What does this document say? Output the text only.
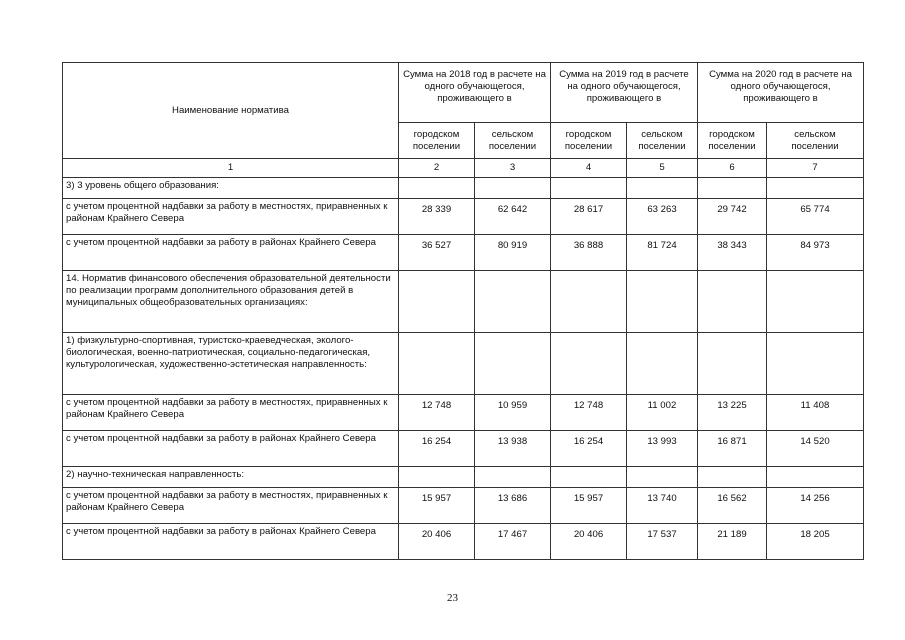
Наименование норматива	Сумма на 2018 год в расчете на одного обучающегося, проживающего в		Сумма на 2019 год в расчете на одного обучающегося, проживающего в		Сумма на 2020 год в расчете на одного обучающегося, проживающего в	
	городском поселении	сельском поселении	городском поселении	сельском поселении	городском поселении	сельском поселении
1	2	3	4	5	6	7
3) 3 уровень общего образования:						
с учетом процентной надбавки за работу в местностях, приравненных к районам Крайнего Севера	28 339	62 642	28 617	63 263	29 742	65 774
с учетом процентной надбавки за работу в районах Крайнего Севера	36 527	80 919	36 888	81 724	38 343	84 973
14. Норматив финансового обеспечения образовательной деятельности по реализации программ дополнительного образования детей в муниципальных общеобразовательных организациях:						
1) физкультурно-спортивная, туристско-краеведческая, эколого-биологическая, военно-патриотическая, социально-педагогическая, культурологическая, художественно-эстетическая направленность:						
с учетом процентной надбавки за работу в местностях, приравненных к районам Крайнего Севера	12 748	10 959	12 748	11 002	13 225	11 408
с учетом процентной надбавки за работу в районах Крайнего Севера	16 254	13 938	16 254	13 993	16 871	14 520
2) научно-техническая направленность:						
с учетом процентной надбавки за работу в местностях, приравненных к районам Крайнего Севера	15 957	13 686	15 957	13 740	16 562	14 256
с учетом процентной надбавки за работу в районах Крайнего Севера	20 406	17 467	20 406	17 537	21 189	18 205
23
